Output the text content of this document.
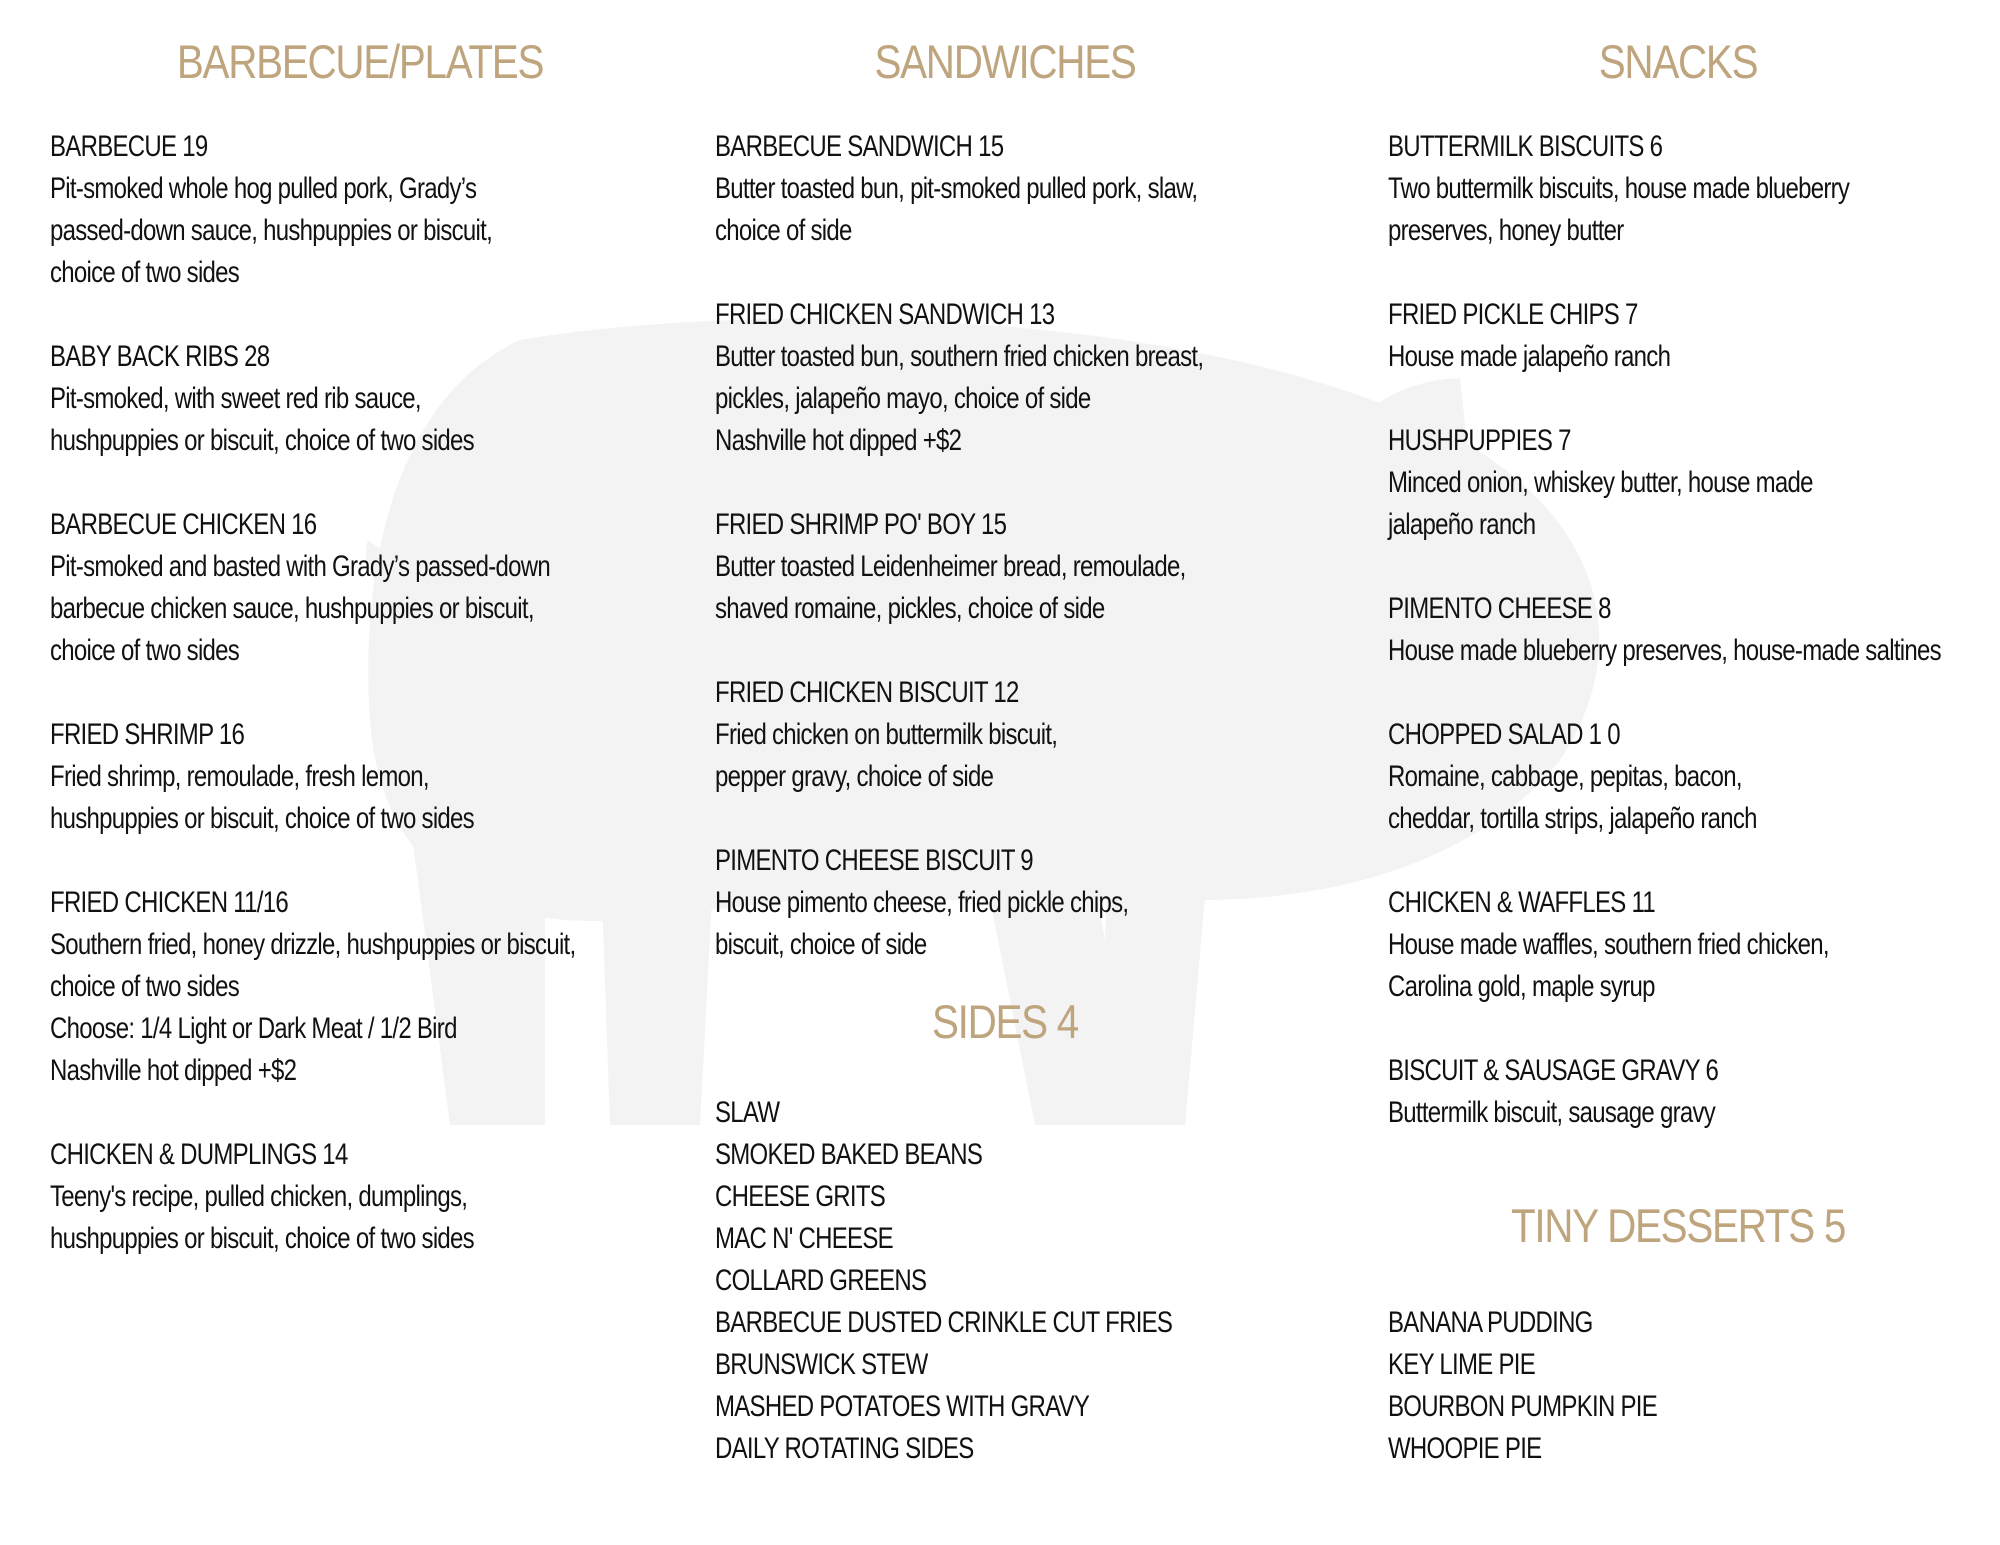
BARBECUE/PLATES
BARBECUE 19
Pit-smoked whole hog pulled pork, Grady’s
passed-down sauce, hushpuppies or biscuit,
choice of two sides
BABY BACK RIBS 28
Pit-smoked, with sweet red rib sauce,
hushpuppies or biscuit, choice of two sides
BARBECUE CHICKEN 16
Pit-smoked and basted with Grady’s passed-down
barbecue chicken sauce, hushpuppies or biscuit,
choice of two sides
FRIED SHRIMP 16
Fried shrimp, remoulade, fresh lemon,
hushpuppies or biscuit, choice of two sides
FRIED CHICKEN 11/16
Southern fried, honey drizzle, hushpuppies or biscuit,
choice of two sides
Choose: 1/4 Light or Dark Meat / 1/2 Bird
Nashville hot dipped +$2
CHICKEN & DUMPLINGS 14
Teeny's recipe, pulled chicken, dumplings,
hushpuppies or biscuit, choice of two sides
SANDWICHES
BARBECUE SANDWICH 15
Butter toasted bun, pit-smoked pulled pork, slaw,
choice of side
FRIED CHICKEN SANDWICH 13
Butter toasted bun, southern fried chicken breast,
pickles, jalapeño mayo, choice of side
Nashville hot dipped +$2
FRIED SHRIMP PO' BOY 15
Butter toasted Leidenheimer bread, remoulade,
shaved romaine, pickles, choice of side
FRIED CHICKEN BISCUIT 12
Fried chicken on buttermilk biscuit,
pepper gravy, choice of side
PIMENTO CHEESE BISCUIT 9
House pimento cheese, fried pickle chips,
biscuit, choice of side
SIDES 4
SLAW
SMOKED BAKED BEANS
CHEESE GRITS
MAC N' CHEESE
COLLARD GREENS
BARBECUE DUSTED CRINKLE CUT FRIES
BRUNSWICK STEW
MASHED POTATOES WITH GRAVY
DAILY ROTATING SIDES
SNACKS
BUTTERMILK BISCUITS 6
Two buttermilk biscuits, house made blueberry
preserves, honey butter
FRIED PICKLE CHIPS 7
House made jalapeño ranch
HUSHPUPPIES 7
Minced onion, whiskey butter, house made
jalapeño ranch
PIMENTO CHEESE 8
House made blueberry preserves, house-made saltines
CHOPPED SALAD 1 0
Romaine, cabbage, pepitas, bacon,
cheddar, tortilla strips, jalapeño ranch
CHICKEN & WAFFLES 11
House made waffles, southern fried chicken,
Carolina gold, maple syrup
BISCUIT & SAUSAGE GRAVY 6
Buttermilk biscuit, sausage gravy
TINY DESSERTS 5
BANANA PUDDING
KEY LIME PIE
BOURBON PUMPKIN PIE
WHOOPIE PIE
